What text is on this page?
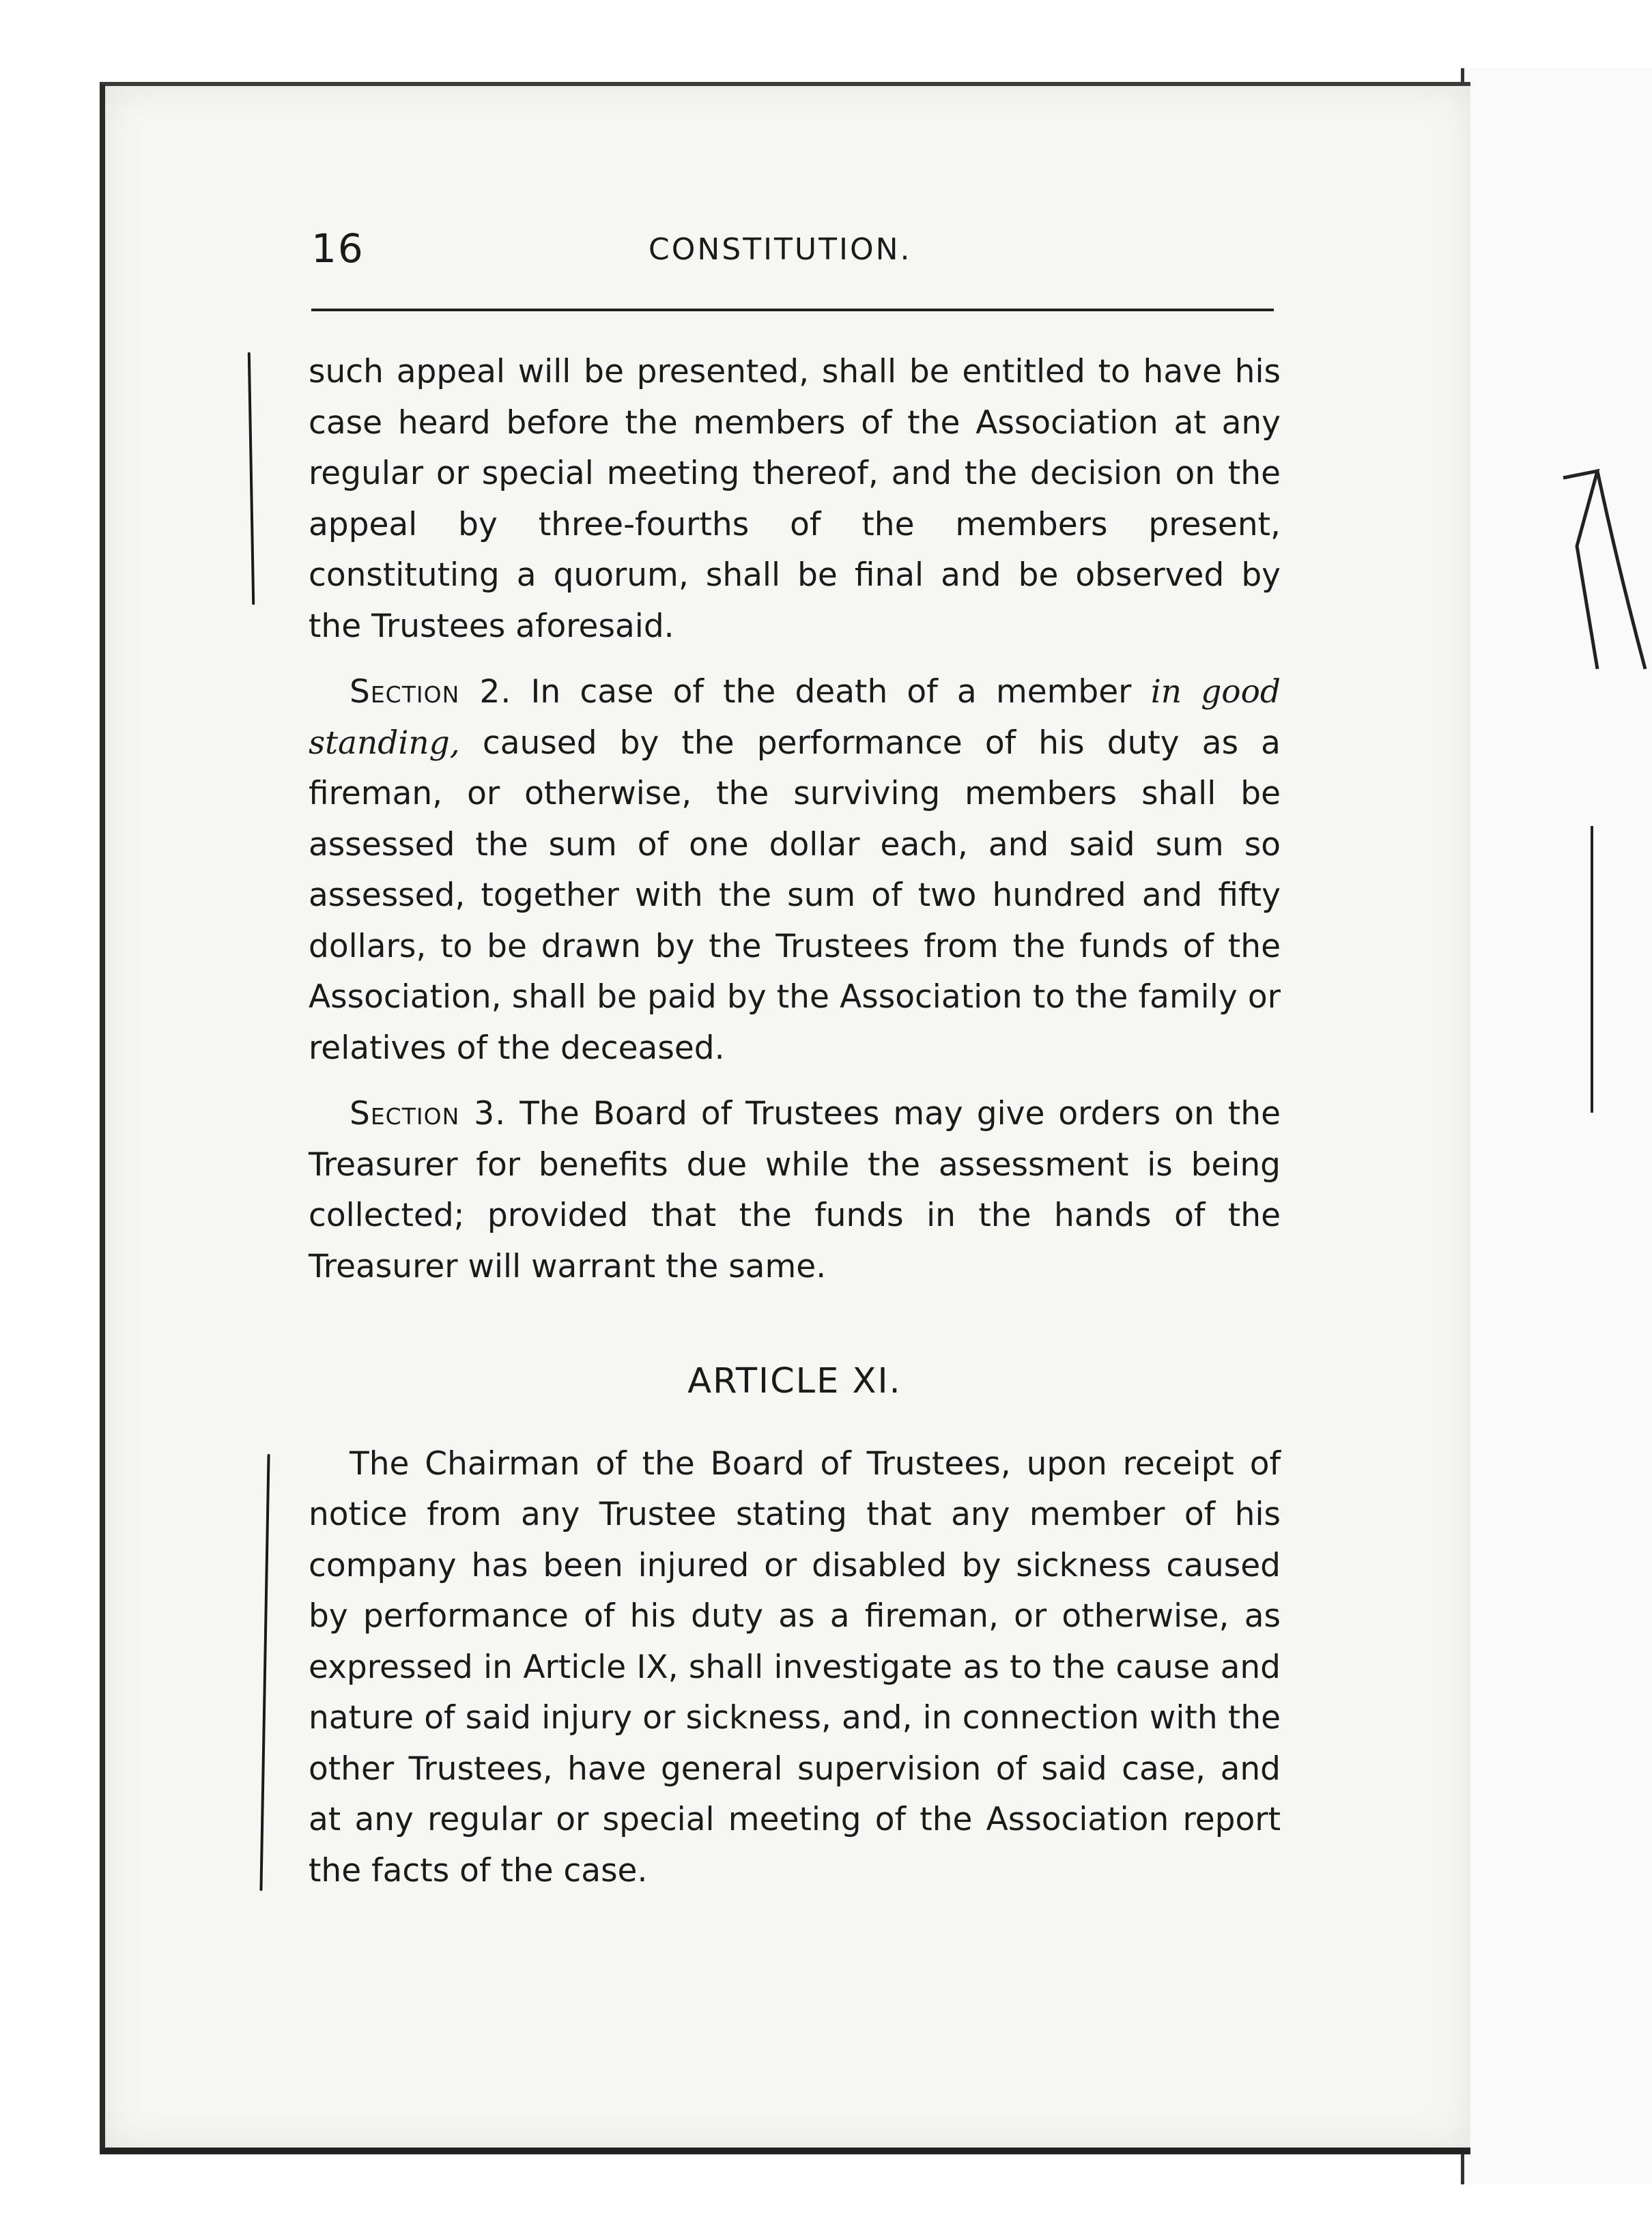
16	CONSTITUTION.

such appeal will be presented, shall be entitled to have his case heard before the members of the Association at any regular or special meeting thereof, and the decision on the appeal by three-fourths of the members present, constituting a quorum, shall be final and be observed by the Trustees aforesaid.

Section 2. In case of the death of a member in good standing, caused by the performance of his duty as a fireman, or otherwise, the surviving members shall be assessed the sum of one dollar each, and said sum so assessed, together with the sum of two hundred and fifty dollars, to be drawn by the Trustees from the funds of the Association, shall be paid by the Association to the family or relatives of the deceased.

Section 3. The Board of Trustees may give orders on the Treasurer for benefits due while the assessment is being collected; provided that the funds in the hands of the Treasurer will warrant the same.

ARTICLE XI.

The Chairman of the Board of Trustees, upon receipt of notice from any Trustee stating that any member of his company has been injured or disabled by sickness caused by performance of his duty as a fireman, or otherwise, as expressed in Article IX, shall investigate as to the cause and nature of said injury or sickness, and, in connection with the other Trustees, have general supervision of said case, and at any regular or special meeting of the Association report the facts of the case.
